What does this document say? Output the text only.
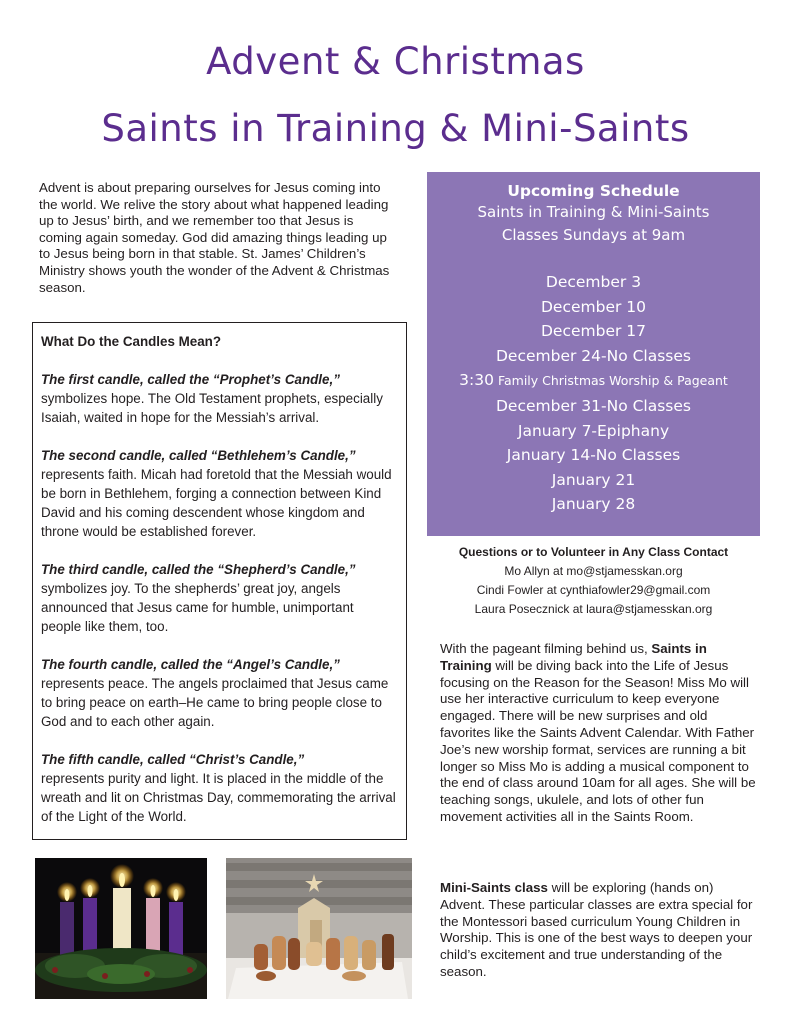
Advent & Christmas
Saints in Training & Mini-Saints
Advent is about preparing ourselves for Jesus coming into the world. We relive the story about what happened leading up to Jesus’ birth, and we remember too that Jesus is coming again someday. God did amazing things leading up to Jesus being born in that stable. St. James’ Children’s Ministry shows youth the wonder of the Advent & Christmas season.
What Do the Candles Mean?
The first candle, called the “Prophet’s Candle,”
symbolizes hope. The Old Testament prophets, especially Isaiah, waited in hope for the Messiah’s arrival.
The second candle, called “Bethlehem’s Candle,”
represents faith. Micah had foretold that the Messiah would be born in Bethlehem, forging a connection between Kind David and his coming descendent whose kingdom and throne would be established forever.
The third candle, called the “Shepherd’s Candle,”
symbolizes joy. To the shepherds’ great joy, angels announced that Jesus came for humble, unimportant people like them, too.
The fourth candle, called the “Angel’s Candle,”
represents peace. The angels proclaimed that Jesus came to bring peace on earth–He came to bring people close to God and to each other again.
The fifth candle, called “Christ’s Candle,”
represents purity and light. It is placed in the middle of the wreath and lit on Christmas Day, commemorating the arrival of the Light of the World.
Upcoming Schedule
Saints in Training & Mini-Saints
Classes Sundays at 9am
December 3
December 10
December 17
December 24-No Classes
3:30 Family Christmas Worship & Pageant
December 31-No Classes
January 7-Epiphany
January 14-No Classes
January 21
January 28
Questions or to Volunteer in Any Class Contact
Mo Allyn at mo@stjamesskan.org
Cindi Fowler at cynthiafowler29@gmail.com
Laura Posecznick at laura@stjamesskan.org
With the pageant filming behind us, Saints in Training will be diving back into the Life of Jesus focusing on the Reason for the Season! Miss Mo will use her interactive curriculum to keep everyone engaged. There will be new surprises and old favorites like the Saints Advent Calendar. With Father Joe’s new worship format, services are running a bit longer so Miss Mo is adding a musical component to the end of class around 10am for all ages. She will be teaching songs, ukulele, and lots of other fun movement activities all in the Saints Room.
Mini-Saints class will be exploring (hands on) Advent. These particular classes are extra special for the Montessori based curriculum Young Children in Worship. This is one of the best ways to deepen your child’s excitement and true understanding of the season.
